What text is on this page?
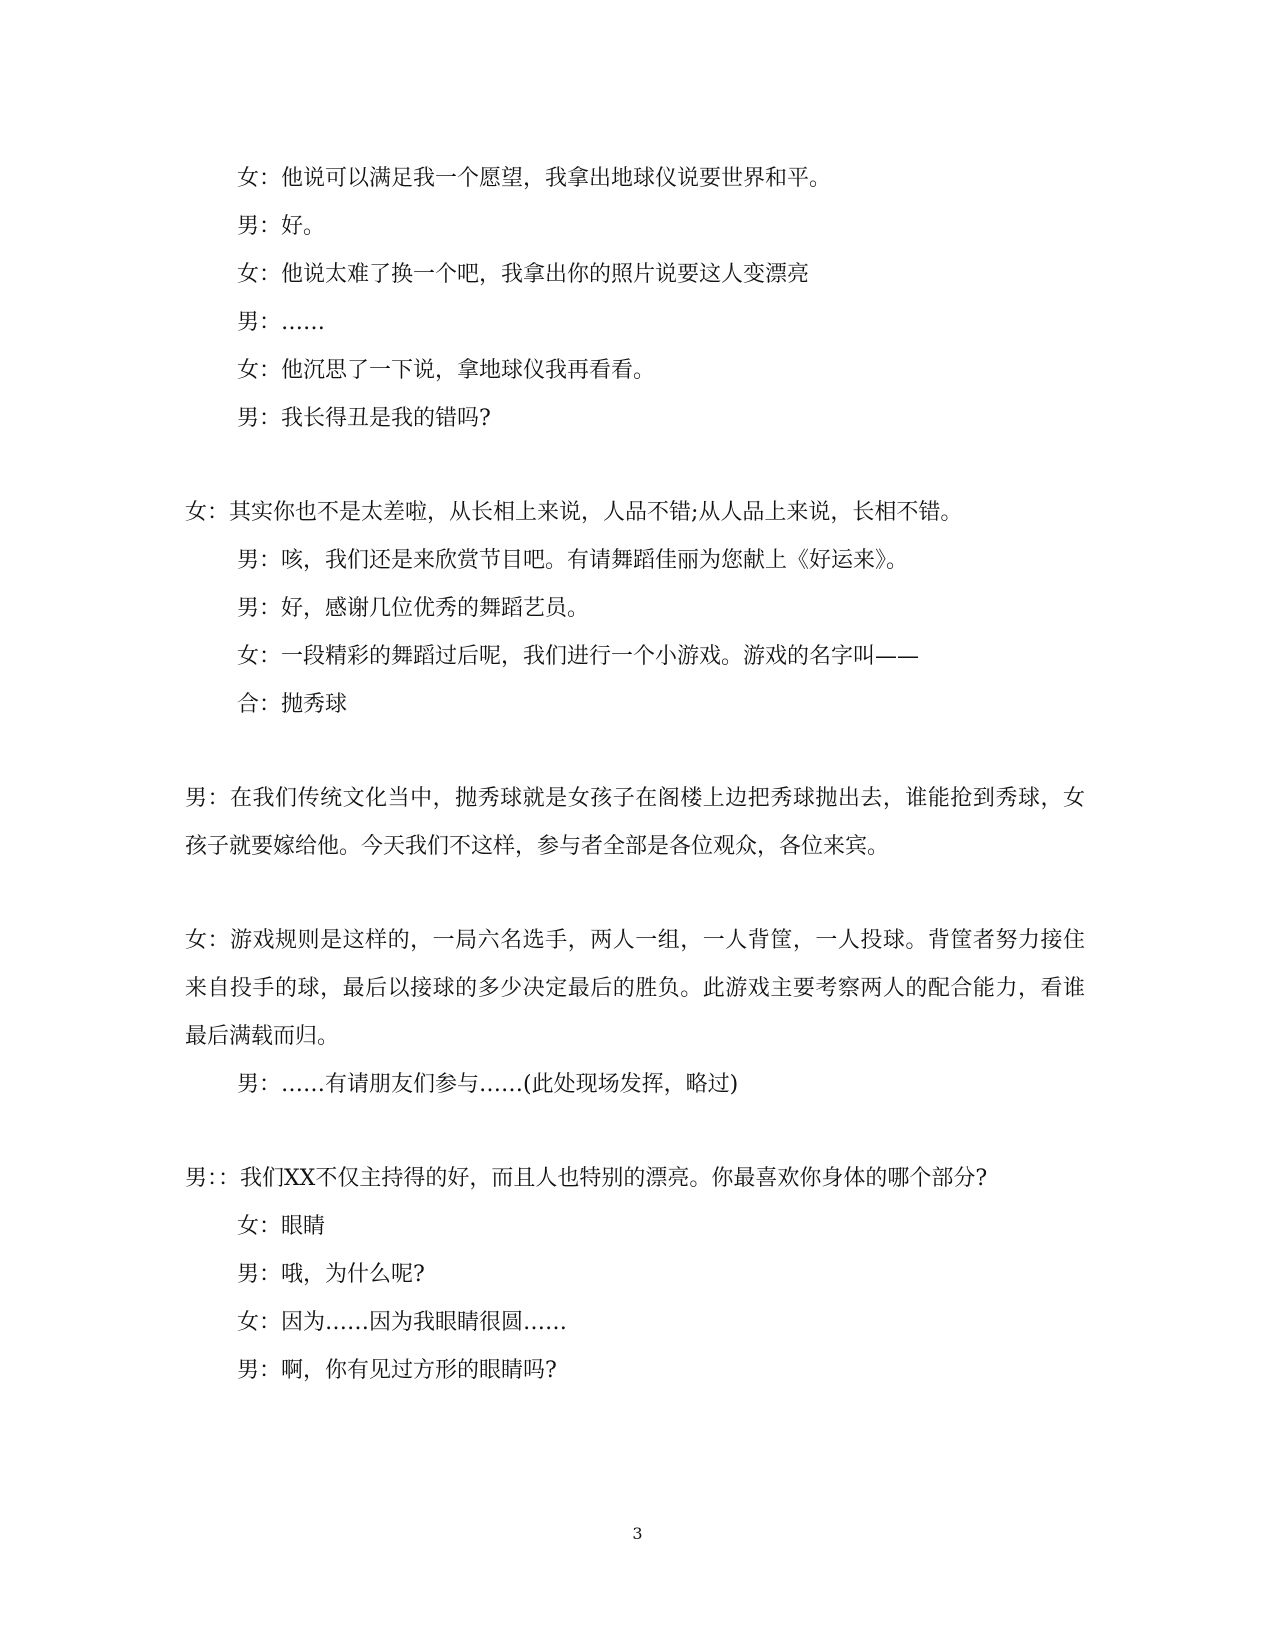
女：他说可以满足我一个愿望，我拿出地球仪说要世界和平。
男：好。
女：他说太难了换一个吧，我拿出你的照片说要这人变漂亮
男：……
女：他沉思了一下说，拿地球仪我再看看。
男：我长得丑是我的错吗?
女：其实你也不是太差啦，从长相上来说，人品不错;从人品上来说，长相不错。
男：咳，我们还是来欣赏节目吧。有请舞蹈佳丽为您献上《好运来》。
男：好，感谢几位优秀的舞蹈艺员。
女：一段精彩的舞蹈过后呢，我们进行一个小游戏。游戏的名字叫——
合：抛秀球
男：在我们传统文化当中，抛秀球就是女孩子在阁楼上边把秀球抛出去，谁能抢到秀球，女孩子就要嫁给他。今天我们不这样，参与者全部是各位观众，各位来宾。
女：游戏规则是这样的，一局六名选手，两人一组，一人背筐，一人投球。背筐者努力接住来自投手的球，最后以接球的多少决定最后的胜负。此游戏主要考察两人的配合能力，看谁最后满载而归。
男：……有请朋友们参与……(此处现场发挥，略过)
男：：我们XX不仅主持得的好，而且人也特别的漂亮。你最喜欢你身体的哪个部分?
女：眼睛
男：哦，为什么呢?
女：因为……因为我眼睛很圆……
男：啊，你有见过方形的眼睛吗?
3
